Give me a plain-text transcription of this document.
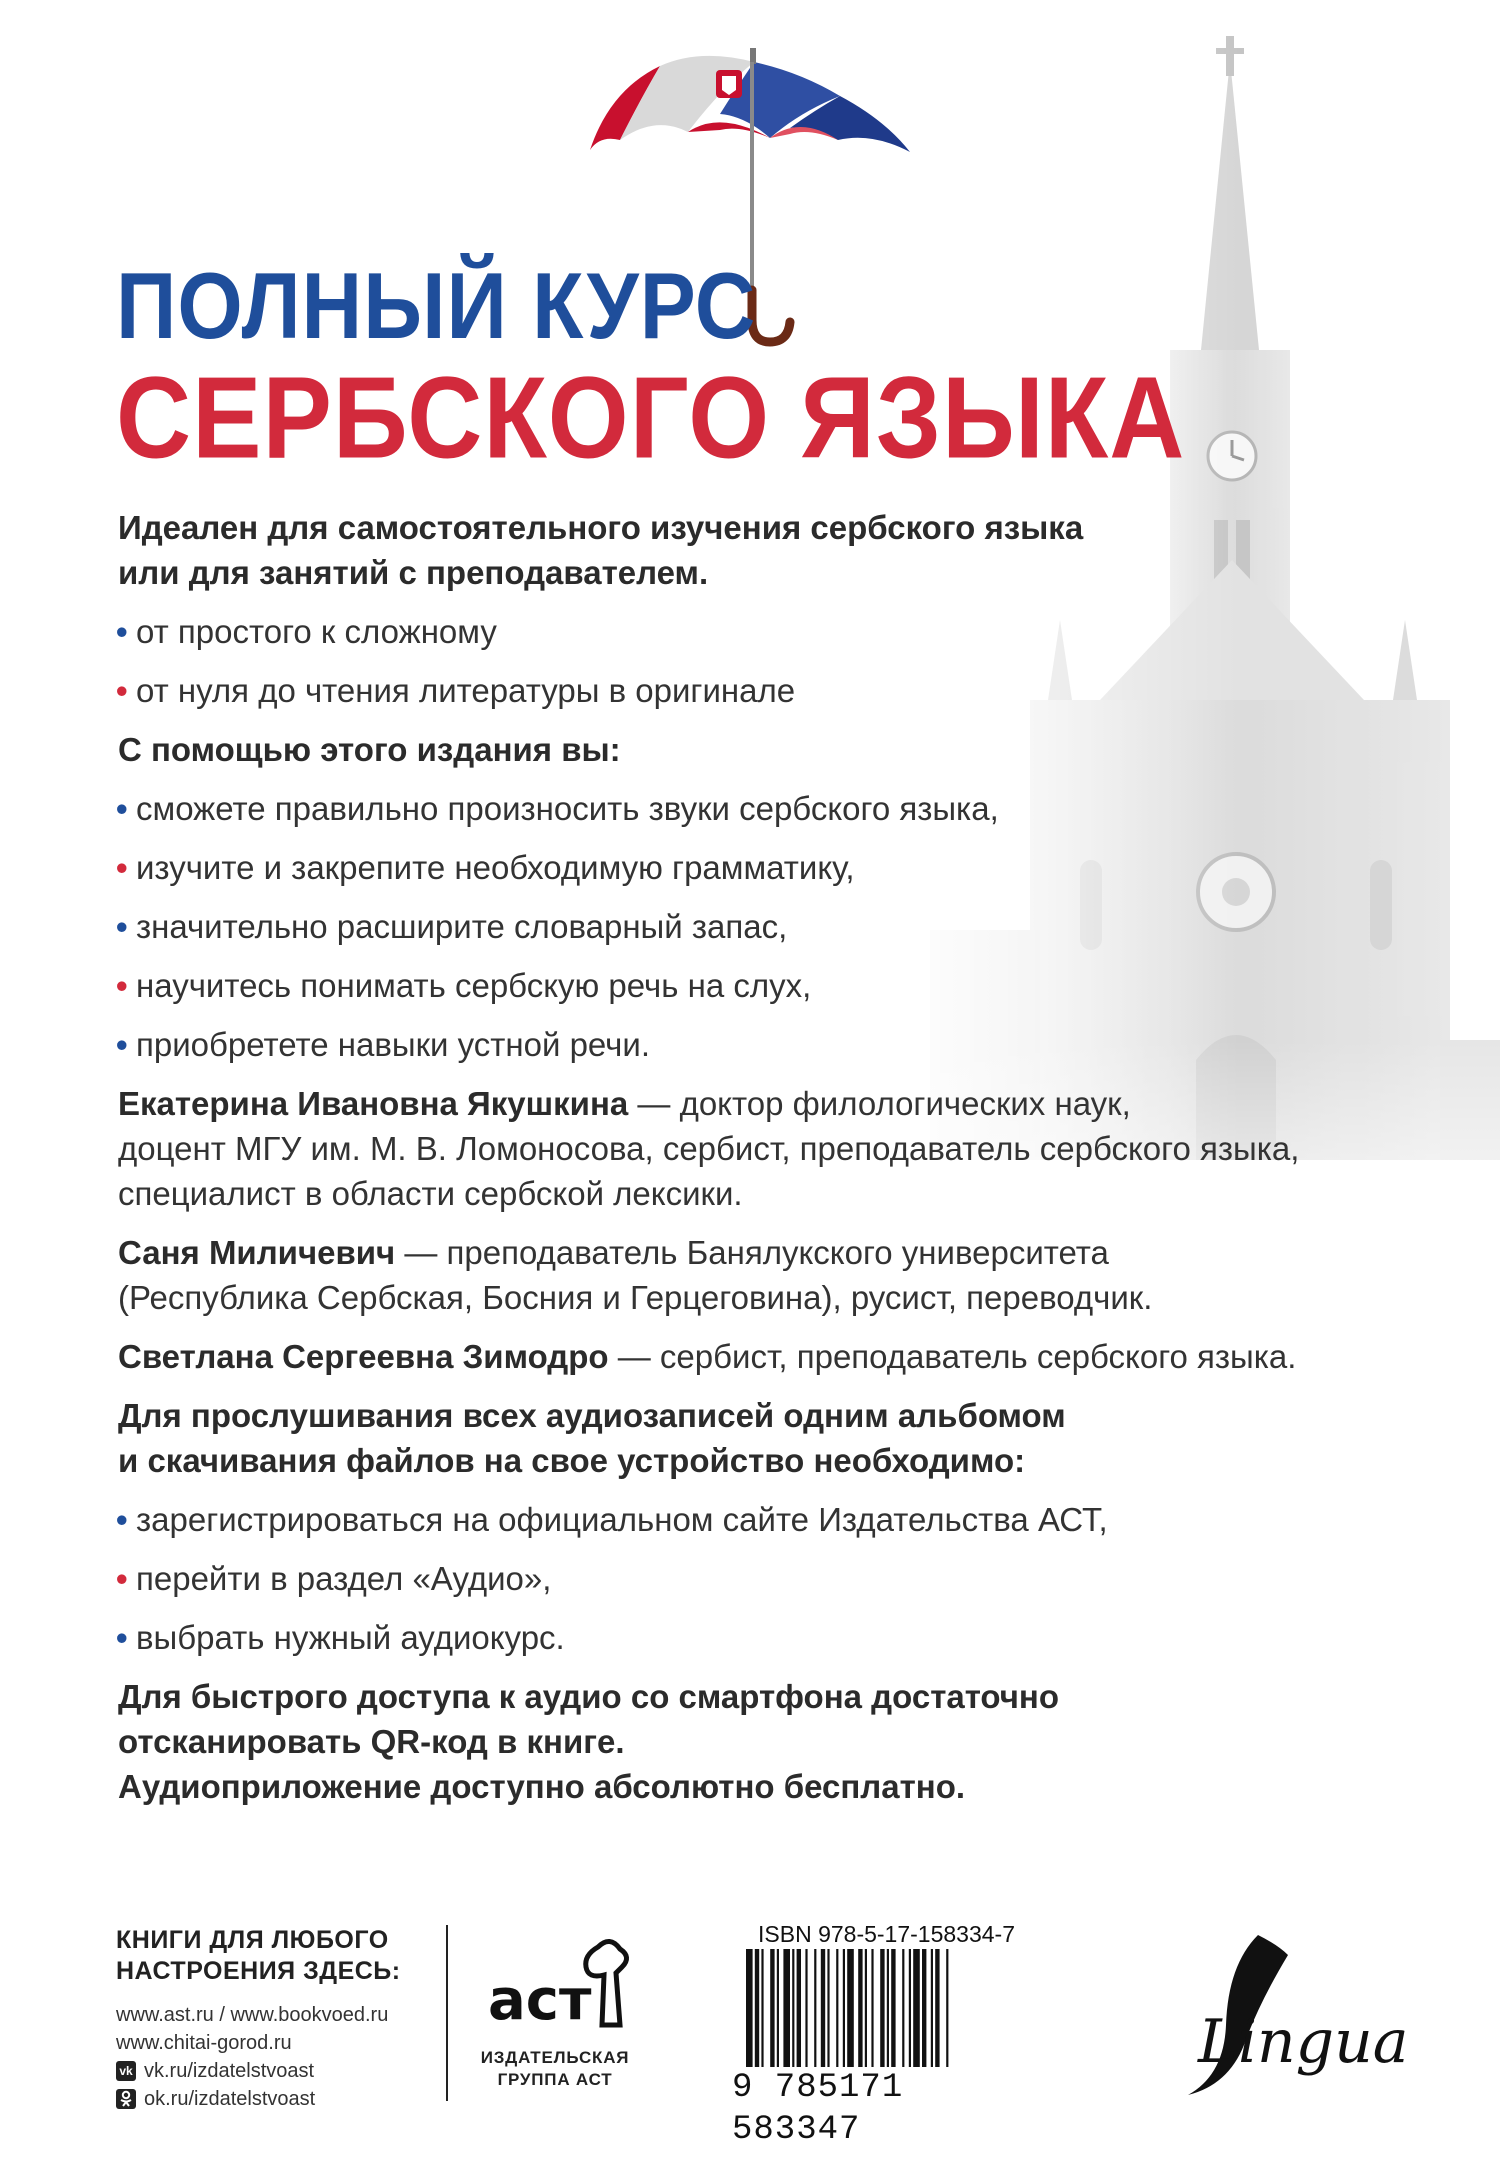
ПОЛНЫЙ КУРС
СЕРБСКОГО ЯЗЫКА
Идеален для самостоятельного изучения сербского языка
или для занятий с преподавателем.
• от простого к сложному
• от нуля до чтения литературы в оригинале
С помощью этого издания вы:
• сможете правильно произносить звуки сербского языка,
• изучите и закрепите необходимую грамматику,
• значительно расширите словарный запас,
• научитесь понимать сербскую речь на слух,
• приобретете навыки устной речи.
Екатерина Ивановна Якушкина — доктор филологических наук,
доцент МГУ им. М. В. Ломоносова, сербист, преподаватель сербского языка,
специалист в области сербской лексики.
Саня Миличевич — преподаватель Банялукского университета
(Республика Сербская, Босния и Герцеговина), русист, переводчик.
Светлана Сергеевна Зимодро — сербист, преподаватель сербского языка.
Для прослушивания всех аудиозаписей одним альбомом
и скачивания файлов на свое устройство необходимо:
• зарегистрироваться на официальном сайте Издательства АСТ,
• перейти в раздел «Аудио»,
• выбрать нужный аудиокурс.
Для быстрого доступа к аудио со смартфона достаточно
отсканировать QR-код в книге.
Аудиоприложение доступно абсолютно бесплатно.
КНИГИ ДЛЯ ЛЮБОГО
НАСТРОЕНИЯ ЗДЕСЬ:
www.ast.ru / www.bookvoed.ru
www.chitai-gorod.ru
vk vk.ru/izdatelstvoast
ok.ru/izdatelstvoast
аст
ИЗДАТЕЛЬСКАЯ
ГРУППА АСТ
ISBN 978-5-17-158334-7
9 785171 583347
Lingua
